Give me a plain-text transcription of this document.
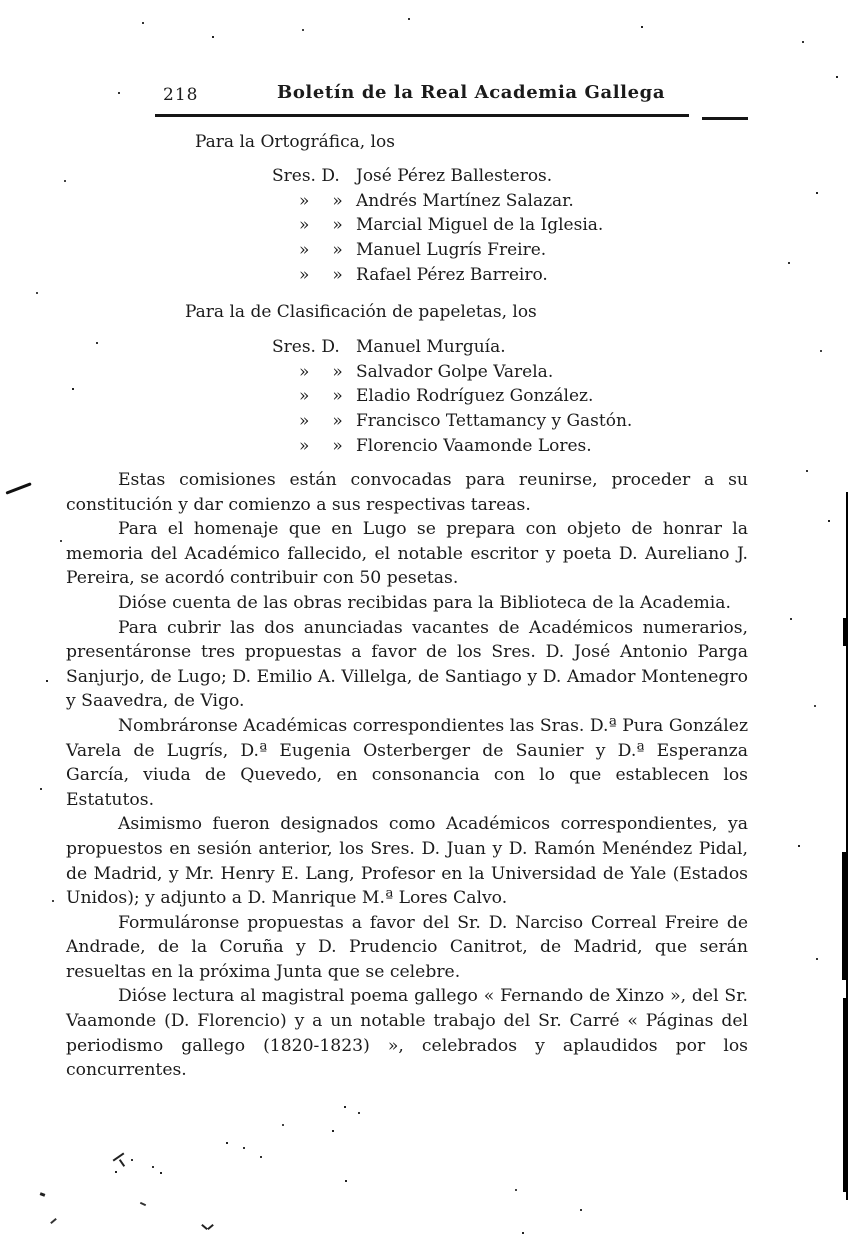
218	Boletín de la Real Academia Gallega
Para la Ortográfica, los
Sres. D. José Pérez Ballesteros.
» » Andrés Martínez Salazar.
» » Marcial Miguel de la Iglesia.
» » Manuel Lugrís Freire.
» » Rafael Pérez Barreiro.
Para la de Clasificación de papeletas, los
Sres. D. Manuel Murguía.
» » Salvador Golpe Varela.
» » Eladio Rodríguez González.
» » Francisco Tettamancy y Gastón.
» » Florencio Vaamonde Lores.

Estas comisiones están convocadas para reunirse, proceder a su constitución y dar comienzo a sus respectivas tareas.

Para el homenaje que en Lugo se prepara con objeto de honrar la memoria del Académico fallecido, el notable escritor y poeta D. Aureliano J. Pereira, se acordó contribuir con 50 pesetas.

Dióse cuenta de las obras recibidas para la Biblioteca de la Academia.

Para cubrir las dos anunciadas vacantes de Académicos numerarios, presentáronse tres propuestas a favor de los Sres. D. José Antonio Parga Sanjurjo, de Lugo; D. Emilio A. Villelga, de Santiago y D. Amador Montenegro y Saavedra, de Vigo.

Nombráronse Académicas correspondientes las Sras. D.ª Pura González Varela de Lugrís, D.ª Eugenia Osterberger de Saunier y D.ª Esperanza García, viuda de Quevedo, en consonancia con lo que establecen los Estatutos.

Asimismo fueron designados como Académicos correspondientes, ya propuestos en sesión anterior, los Sres. D. Juan y D. Ramón Menéndez Pidal, de Madrid, y Mr. Henry E. Lang, Profesor en la Universidad de Yale (Estados Unidos); y adjunto a D. Manrique M.ª Lores Calvo.

Formuláronse propuestas a favor del Sr. D. Narciso Correal Freire de Andrade, de la Coruña y D. Prudencio Canitrot, de Madrid, que serán resueltas en la próxima Junta que se celebre.

Dióse lectura al magistral poema gallego « Fernando de Xinzo », del Sr. Vaamonde (D. Florencio) y a un notable trabajo del Sr. Carré « Páginas del periodismo gallego (1820-1823) », celebrados y aplaudidos por los concurrentes.
